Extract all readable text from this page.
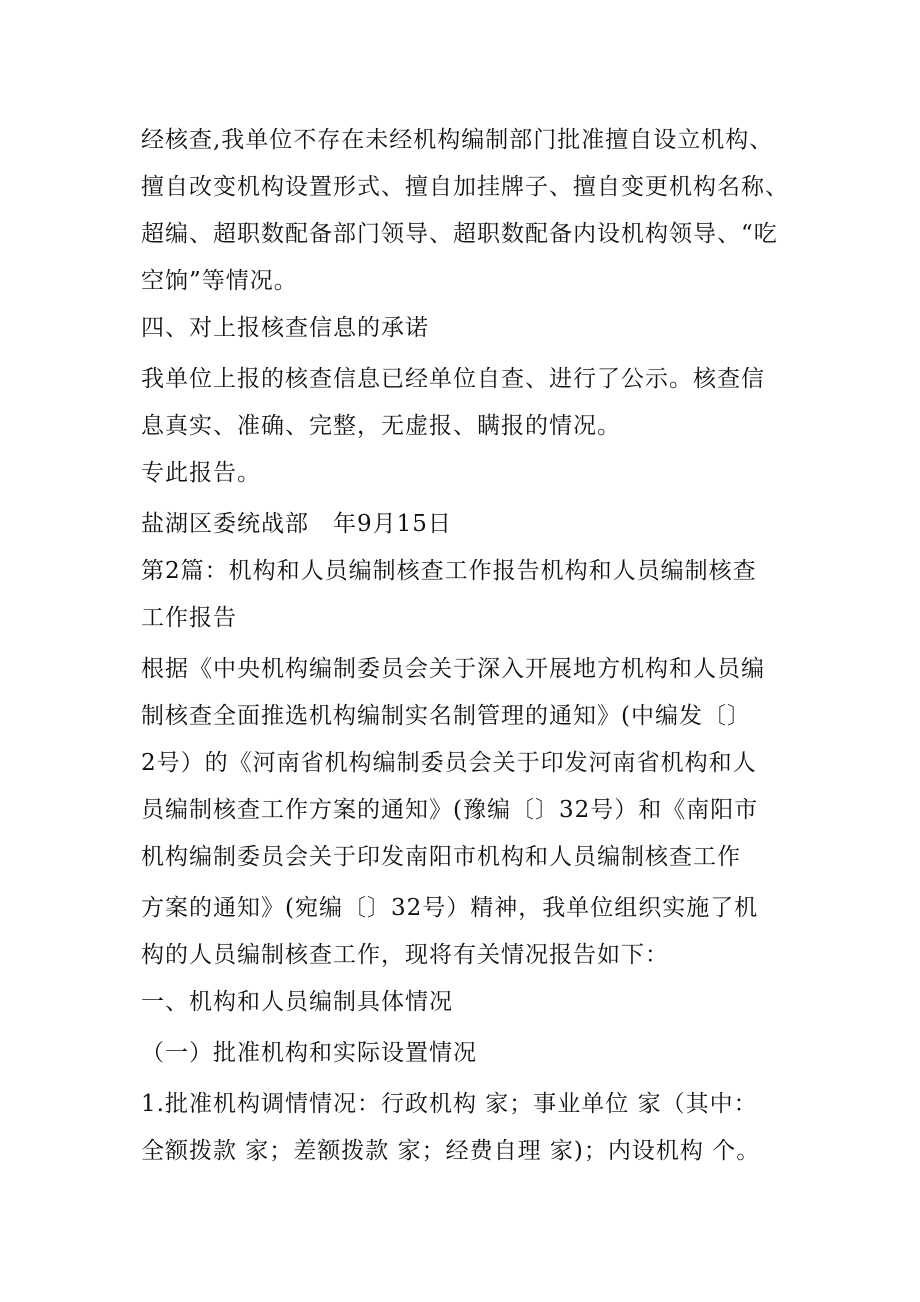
经核查,我单位不存在未经机构编制部门批准擅自设立机构、
擅自改变机构设置形式、擅自加挂牌子、擅自变更机构名称、
超编、超职数配备部门领导、超职数配备内设机构领导、“吃
空饷”等情况。
四、对上报核查信息的承诺
我单位上报的核查信息已经单位自查、进行了公示。核查信
息真实、准确、完整，无虚报、瞒报的情况。
专此报告。
盐湖区委统战部　年9月15日
第2篇：机构和人员编制核查工作报告机构和人员编制核查
工作报告
根据《中央机构编制委员会关于深入开展地方机构和人员编
制核查全面推选机构编制实名制管理的通知》(中编发〔〕
2号）的《河南省机构编制委员会关于印发河南省机构和人
员编制核查工作方案的通知》(豫编〔〕32号）和《南阳市
机构编制委员会关于印发南阳市机构和人员编制核查工作
方案的通知》(宛编〔〕32号）精神，我单位组织实施了机
构的人员编制核查工作，现将有关情况报告如下：
一、机构和人员编制具体情况
（一）批准机构和实际设置情况
1.批准机构调情情况：行政机构 家；事业单位 家（其中：
全额拨款 家；差额拨款 家；经费自理 家)；内设机构 个。
